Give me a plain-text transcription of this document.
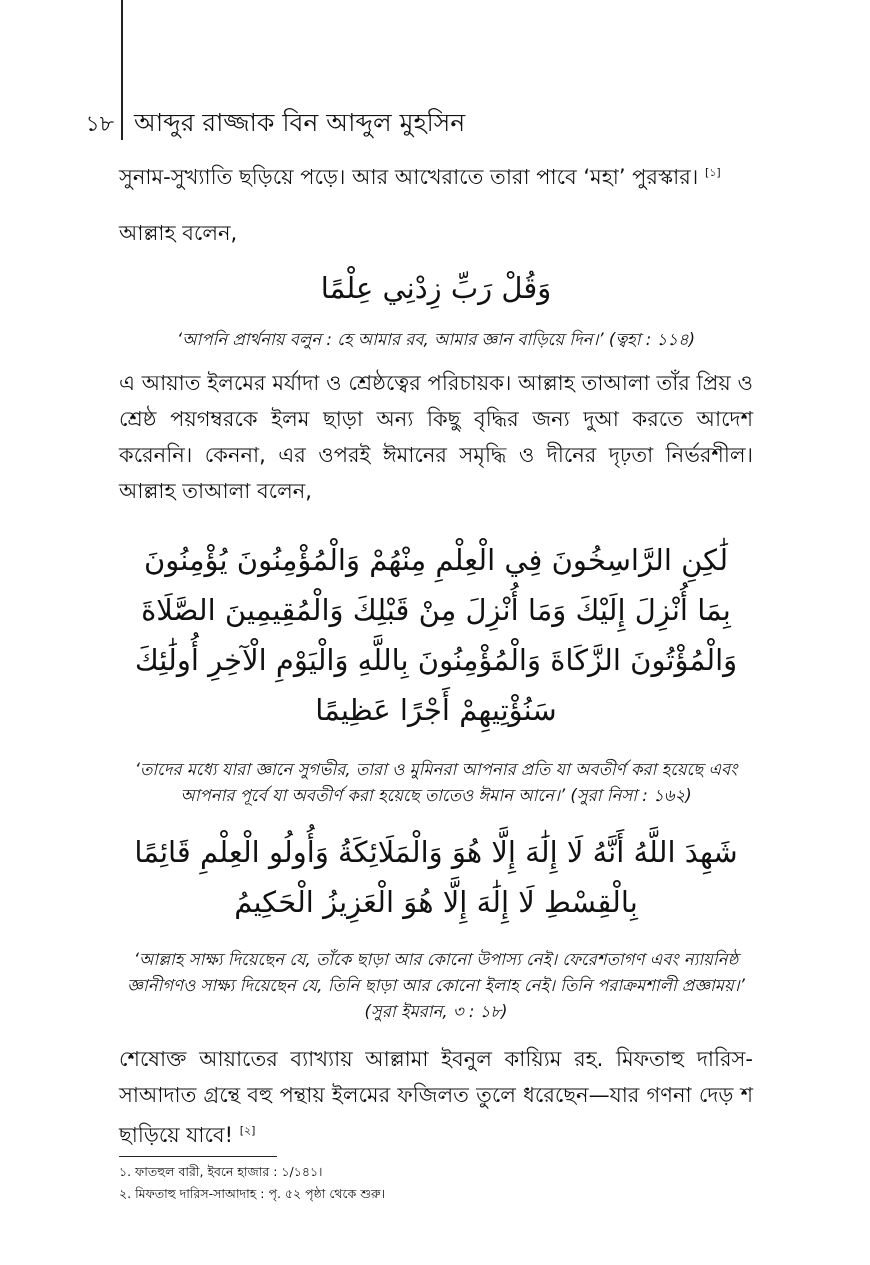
১৮ আব্দুর রাজ্জাক বিন আব্দুল মুহসিন

সুনাম-সুখ্যাতি ছড়িয়ে পড়ে। আর আখেরাতে তারা পাবে ‘মহা’ পুরস্কার। [১]

আল্লাহ বলেন,

وَقُلْ رَبِّ زِدْنِي عِلْمًا

‘আপনি প্রার্থনায় বলুন : হে আমার রব, আমার জ্ঞান বাড়িয়ে দিন।’ (ত্বহা : ১১৪)

এ আয়াত ইলমের মর্যাদা ও শ্রেষ্ঠত্বের পরিচায়ক। আল্লাহ তাআলা তাঁর প্রিয় ও শ্রেষ্ঠ পয়গম্বরকে ইলম ছাড়া অন্য কিছু বৃদ্ধির জন্য দুআ করতে আদেশ করেননি। কেননা, এর ওপরই ঈমানের সমৃদ্ধি ও দীনের দৃঢ়তা নির্ভরশীল। আল্লাহ তাআলা বলেন,

لَٰكِنِ الرَّاسِخُونَ فِي الْعِلْمِ مِنْهُمْ وَالْمُؤْمِنُونَ يُؤْمِنُونَ

بِمَا أُنْزِلَ إِلَيْكَ وَمَا أُنْزِلَ مِنْ قَبْلِكَ وَالْمُقِيمِينَ الصَّلَاةَ

وَالْمُؤْتُونَ الزَّكَاةَ وَالْمُؤْمِنُونَ بِاللَّهِ وَالْيَوْمِ الْآخِرِ أُولَٰئِكَ

سَنُؤْتِيهِمْ أَجْرًا عَظِيمًا

‘তাদের মধ্যে যারা জ্ঞানে সুগভীর, তারা ও মুমিনরা আপনার প্রতি যা অবতীর্ণ করা হয়েছে এবং আপনার পূর্বে যা অবতীর্ণ করা হয়েছে তাতেও ঈমান আনে।’ (সুরা নিসা : ১৬২)

شَهِدَ اللَّهُ أَنَّهُ لَا إِلَٰهَ إِلَّا هُوَ وَالْمَلَائِكَةُ وَأُولُو الْعِلْمِ قَائِمًا

بِالْقِسْطِ لَا إِلَٰهَ إِلَّا هُوَ الْعَزِيزُ الْحَكِيمُ

‘আল্লাহ সাক্ষ্য দিয়েছেন যে, তাঁকে ছাড়া আর কোনো উপাস্য নেই। ফেরেশতাগণ এবং ন্যায়নিষ্ঠ জ্ঞানীগণও সাক্ষ্য দিয়েছেন যে, তিনি ছাড়া আর কোনো ইলাহ নেই। তিনি পরাক্রমশালী প্রজ্ঞাময়।’ (সুরা ইমরান, ৩ : ১৮)

শেষোক্ত আয়াতের ব্যাখ্যায় আল্লামা ইবনুল কায়্যিম রহ. মিফতাহু দারিস-সাআদাত গ্রন্থে বহু পন্থায় ইলমের ফজিলত তুলে ধরেছেন—যার গণনা দেড় শ ছাড়িয়ে যাবে! [২]

১. ফাতহুল বারী, ইবনে হাজার : ১/১৪১।

২. মিফতাহু দারিস-সাআদাহ : পৃ. ৫২ পৃষ্ঠা থেকে শুরু।
